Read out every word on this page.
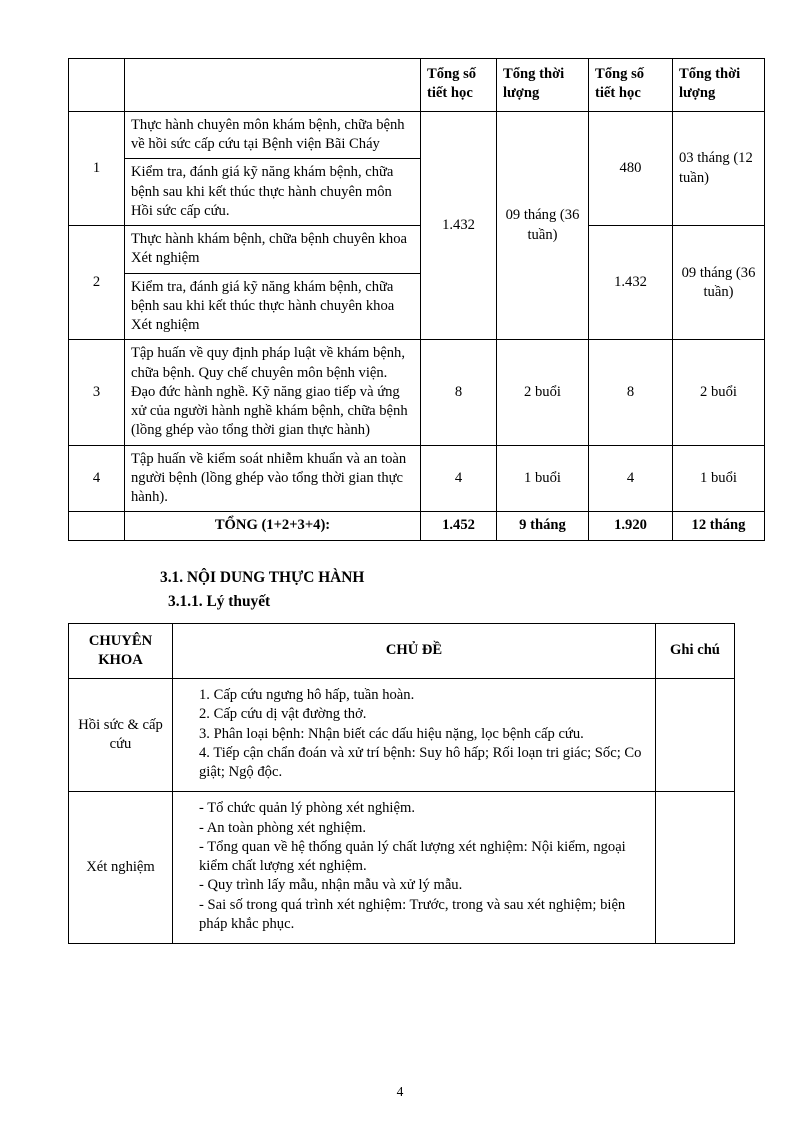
		Tổng số tiết học	Tổng thời lượng	Tổng số tiết học	Tổng thời lượng
1	Thực hành chuyên môn khám bệnh, chữa bệnh về hồi sức cấp cứu tại Bệnh viện Bãi Cháy	1.432	09 tháng (36 tuần)	480	03 tháng (12 tuần)
	Kiểm tra, đánh giá kỹ năng khám bệnh, chữa bệnh sau khi kết thúc thực hành chuyên môn Hồi sức cấp cứu.				
2	Thực hành khám bệnh, chữa bệnh chuyên khoa Xét nghiệm			1.432	09 tháng (36 tuần)
	Kiểm tra, đánh giá kỹ năng khám bệnh, chữa bệnh sau khi kết thúc thực hành chuyên khoa Xét nghiệm				
3	Tập huấn về quy định pháp luật về khám bệnh, chữa bệnh. Quy chế chuyên môn bệnh viện. Đạo đức hành nghề. Kỹ năng giao tiếp và ứng xử của người hành nghề khám bệnh, chữa bệnh (lồng ghép vào tổng thời gian thực hành)	8	2 buổi	8	2 buổi
4	Tập huấn về kiểm soát nhiễm khuẩn và an toàn người bệnh (lồng ghép vào tổng thời gian thực hành).	4	1 buổi	4	1 buổi
	TỔNG (1+2+3+4):	1.452	9 tháng	1.920	12 tháng
3.1. NỘI DUNG THỰC HÀNH
3.1.1. Lý thuyết
CHUYÊN KHOA	CHỦ ĐỀ	Ghi chú
Hồi sức & cấp cứu	1. Cấp cứu ngưng hô hấp, tuần hoàn.
2. Cấp cứu dị vật đường thở.
3. Phân loại bệnh: Nhận biết các dấu hiệu nặng, lọc bệnh cấp cứu.
4. Tiếp cận chẩn đoán và xử trí bệnh: Suy hô hấp; Rối loạn tri giác; Sốc; Co giật; Ngộ độc.	

Xét nghiệm	- Tổ chức quản lý phòng xét nghiệm.
- An toàn phòng xét nghiệm.
- Tổng quan về hệ thống quản lý chất lượng xét nghiệm: Nội kiểm, ngoại kiểm chất lượng xét nghiệm.
- Quy trình lấy mẫu, nhận mẫu và xử lý mẫu.
- Sai số trong quá trình xét nghiệm: Trước, trong và sau xét nghiệm; biện pháp khắc phục.	

4
